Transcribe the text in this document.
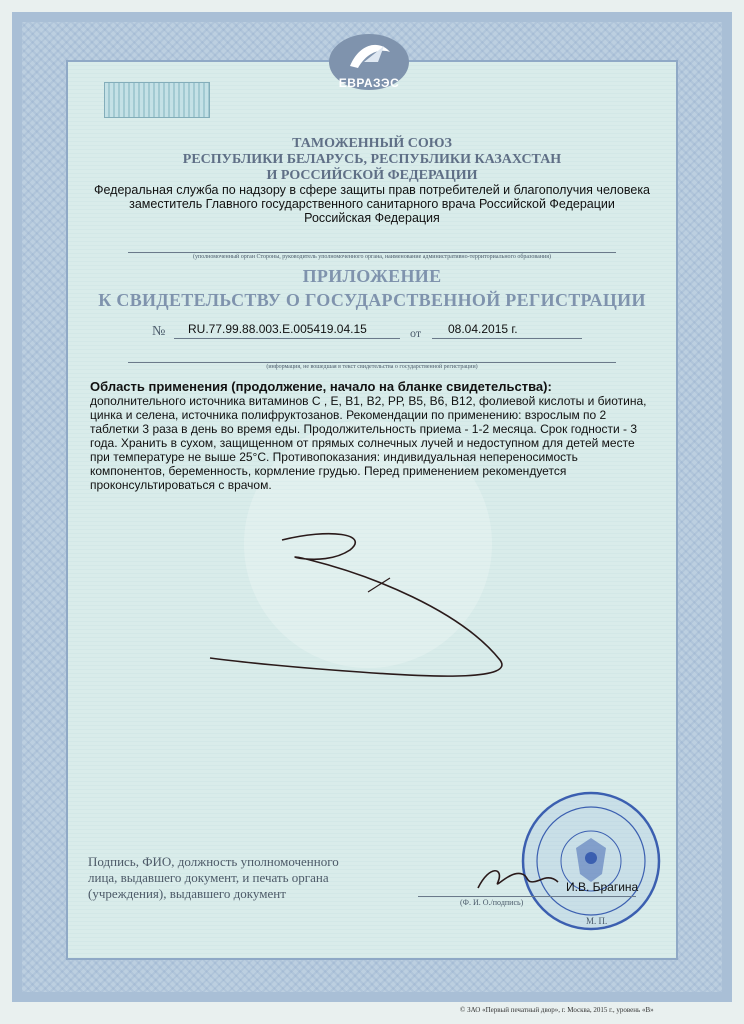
ЕВРАЗЭС
ТАМОЖЕННЫЙ СОЮЗ
РЕСПУБЛИКИ БЕЛАРУСЬ, РЕСПУБЛИКИ КАЗАХСТАН
И РОССИЙСКОЙ ФЕДЕРАЦИИ
Федеральная служба по надзору в сфере защиты прав потребителей и благополучия человека
заместитель Главного государственного санитарного врача Российской Федерации
Российская Федерация
(уполномоченный орган Стороны, руководитель уполномоченного органа, наименование административно-территориального образования)
ПРИЛОЖЕНИЕ
К СВИДЕТЕЛЬСТВУ О ГОСУДАРСТВЕННОЙ РЕГИСТРАЦИИ
№ RU.77.99.88.003.E.005419.04.15	от 08.04.2015 г.
(информация, не вошедшая в текст свидетельства о государственной регистрации)
Область применения (продолжение, начало на бланке свидетельства):
дополнительного источника витаминов С , Е, В1, В2, РР, В5, В6, В12, фолиевой кислоты и биотина, цинка и селена, источника полифруктозанов. Рекомендации по применению: взрослым по 2 таблетки 3 раза в день во время еды. Продолжительность приема - 1-2 месяца. Срок годности - 3 года. Хранить в сухом, защищенном от прямых солнечных лучей и недоступном для детей месте при температуре не выше 25°С. Противопоказания: индивидуальная непереносимость компонентов, беременность, кормление грудью. Перед применением рекомендуется проконсультироваться с врачом.
Подпись, ФИО, должность уполномоченного
лица, выдавшего документ, и печать органа
(учреждения), выдавшего документ	И.В. Брагина
(Ф. И. О./подпись)
М. П.
© ЗАО «Первый печатный двор», г. Москва, 2015 г., уровень «В»
